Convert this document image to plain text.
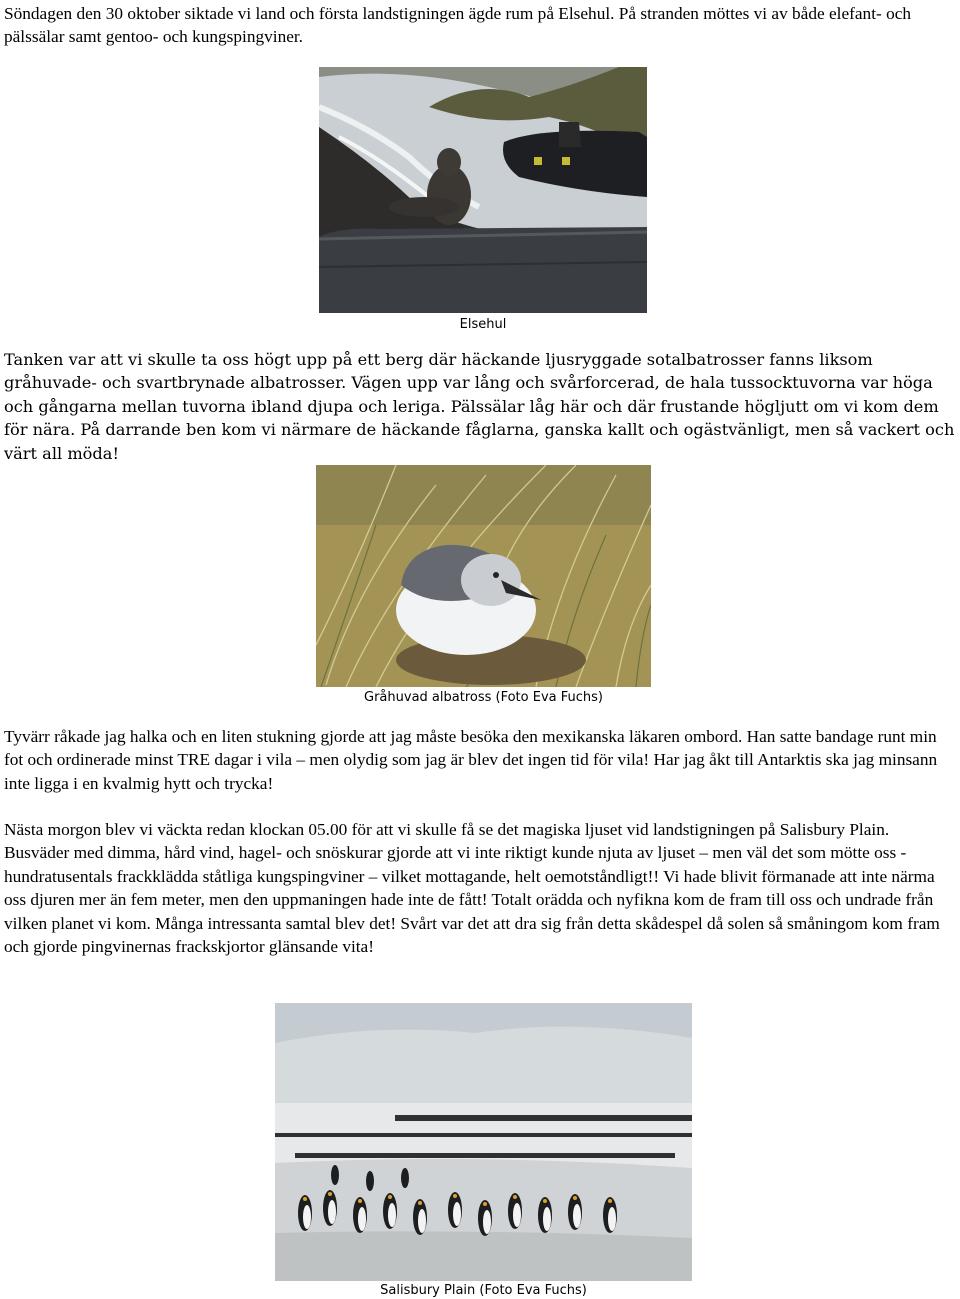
Söndagen den 30 oktober siktade vi land och första landstigningen ägde rum på Elsehul. På stranden möttes vi av både elefant- och pälssälar samt gentoo- och kungspingviner.

Elsehul

Tanken var att vi skulle ta oss högt upp på ett berg där häckande ljusryggade sotalbatrosser fanns liksom gråhuvade- och svartbrynade albatrosser. Vägen upp var lång och svårforcerad, de hala tussocktuvorna var höga och gångarna mellan tuvorna ibland djupa och leriga. Pälssälar låg här och där frustande högljutt om vi kom dem för nära. På darrande ben kom vi närmare de häckande fåglarna, ganska kallt och ogästvänligt, men så vackert och värt all möda!

Gråhuvad albatross (Foto Eva Fuchs)

Tyvärr råkade jag halka och en liten stukning gjorde att jag måste besöka den mexikanska läkaren ombord. Han satte bandage runt min fot och ordinerade minst TRE dagar i vila – men olydig som jag är blev det ingen tid för vila! Har jag åkt till Antarktis ska jag minsann inte ligga i en kvalmig hytt och trycka!

Nästa morgon blev vi väckta redan klockan 05.00 för att vi skulle få se det magiska ljuset vid landstigningen på Salisbury Plain. Busväder med dimma, hård vind, hagel- och snöskurar gjorde att vi inte riktigt kunde njuta av ljuset – men väl det som mötte oss - hundratusentals frackklädda ståtliga kungspingviner – vilket mottagande, helt oemotståndligt!! Vi hade blivit förmanade att inte närma oss djuren mer än fem meter, men den uppmaningen hade inte de fått! Totalt orädda och nyfikna kom de fram till oss och undrade från vilken planet vi kom. Många intressanta samtal blev det! Svårt var det att dra sig från detta skådespel då solen så småningom kom fram och gjorde pingvinernas frackskjortor glänsande vita!

Salisbury Plain (Foto Eva Fuchs)
